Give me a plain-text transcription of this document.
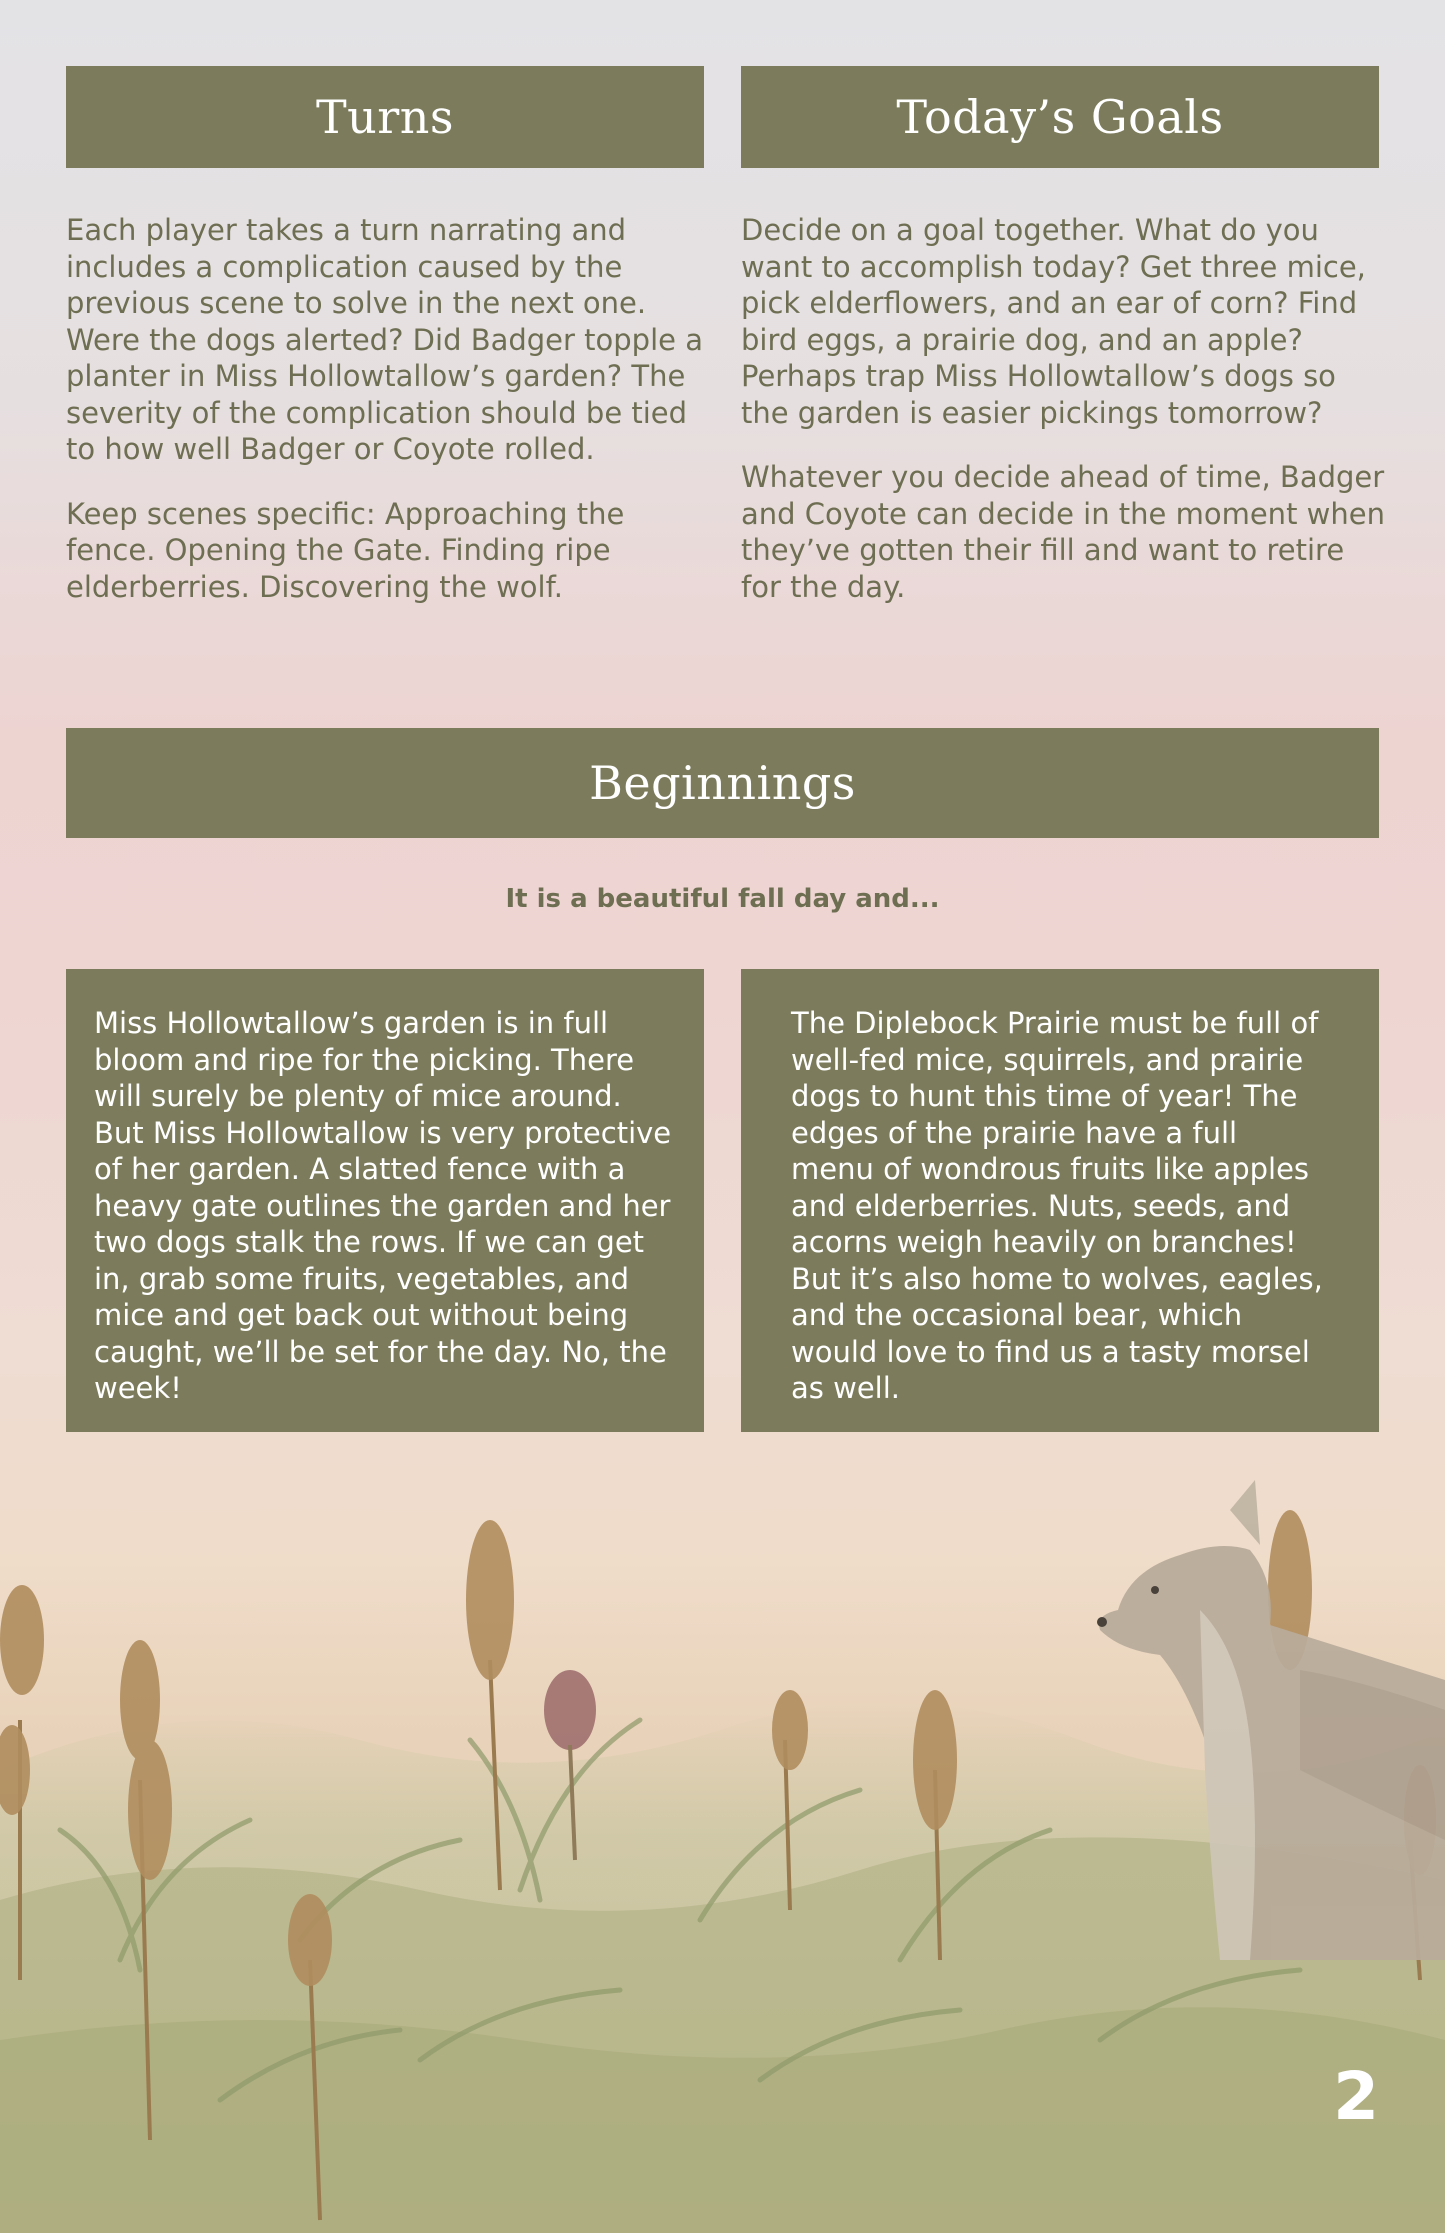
Turns

Each player takes a turn narrating and includes a complication caused by the previous scene to solve in the next one. Were the dogs alerted? Did Badger topple a planter in Miss Hollowtallow’s garden? The severity of the complication should be tied to how well Badger or Coyote rolled.

Keep scenes specific: Approaching the fence. Opening the Gate. Finding ripe elderberries. Discovering the wolf.

Today’s Goals

Decide on a goal together. What do you want to accomplish today? Get three mice, pick elderflowers, and an ear of corn? Find bird eggs, a prairie dog, and an apple? Perhaps trap Miss Hollowtallow’s dogs so the garden is easier pickings tomorrow?

Whatever you decide ahead of time, Badger and Coyote can decide in the moment when they’ve gotten their fill and want to retire for the day.

Beginnings
It is a beautiful fall day and...
Miss Hollowtallow’s garden is in full bloom and ripe for the picking. There will surely be plenty of mice around. But Miss Hollowtallow is very protective of her garden. A slatted fence with a heavy gate outlines the garden and her two dogs stalk the rows. If we can get in, grab some fruits, vegetables, and mice and get back out without being caught, we’ll be set for the day. No, the week!
The Diplebock Prairie must be full of well-fed mice, squirrels, and prairie dogs to hunt this time of year! The edges of the prairie have a full menu of wondrous fruits like apples and elderberries. Nuts, seeds, and acorns weigh heavily on branches! But it’s also home to wolves, eagles, and the occasional bear, which would love to find us a tasty morsel as well.
2
